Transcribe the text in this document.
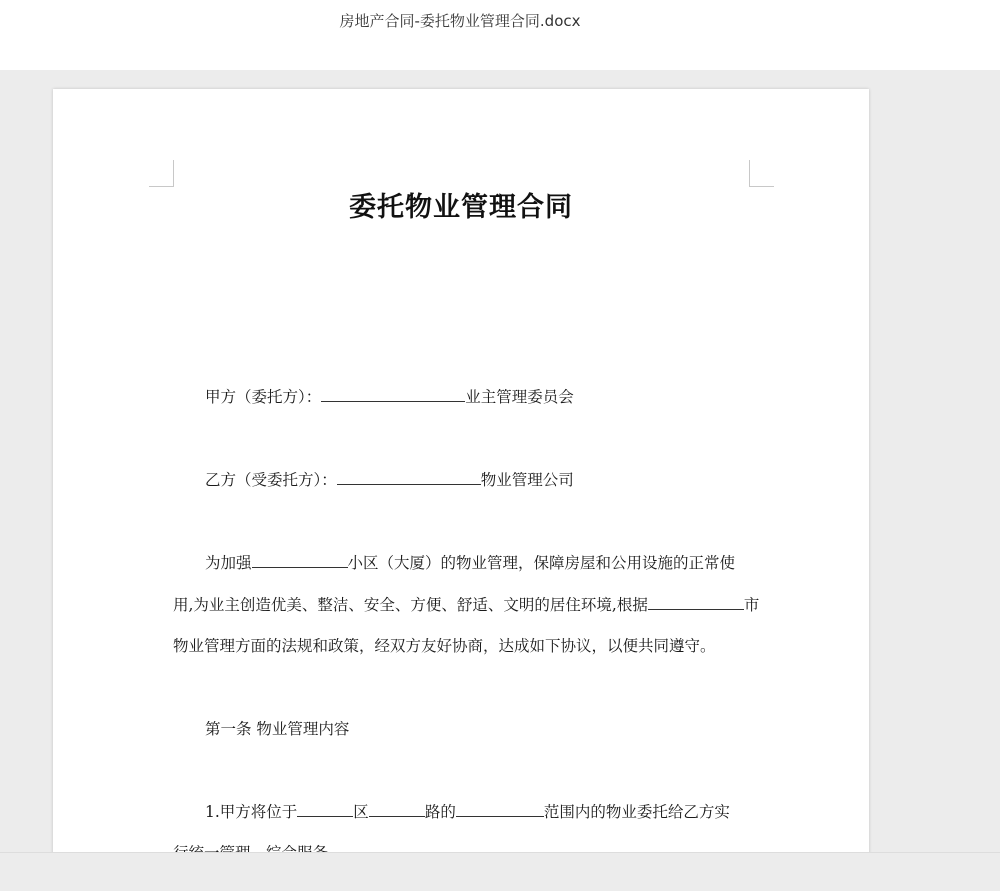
房地产合同-委托物业管理合同.docx
委托物业管理合同
甲方（委托方）：	业主管理委员会
乙方（受委托方）：	物业管理公司
为加强	小区（大厦）的物业管理，保障房屋和公用设施的正常使
用,为业主创造优美、整洁、安全、方便、舒适、文明的居住环境,根据	市
物业管理方面的法规和政策，经双方友好协商，达成如下协议，以便共同遵守。
第一条 物业管理内容
1.甲方将位于	区	路的	范围内的物业委托给乙方实
